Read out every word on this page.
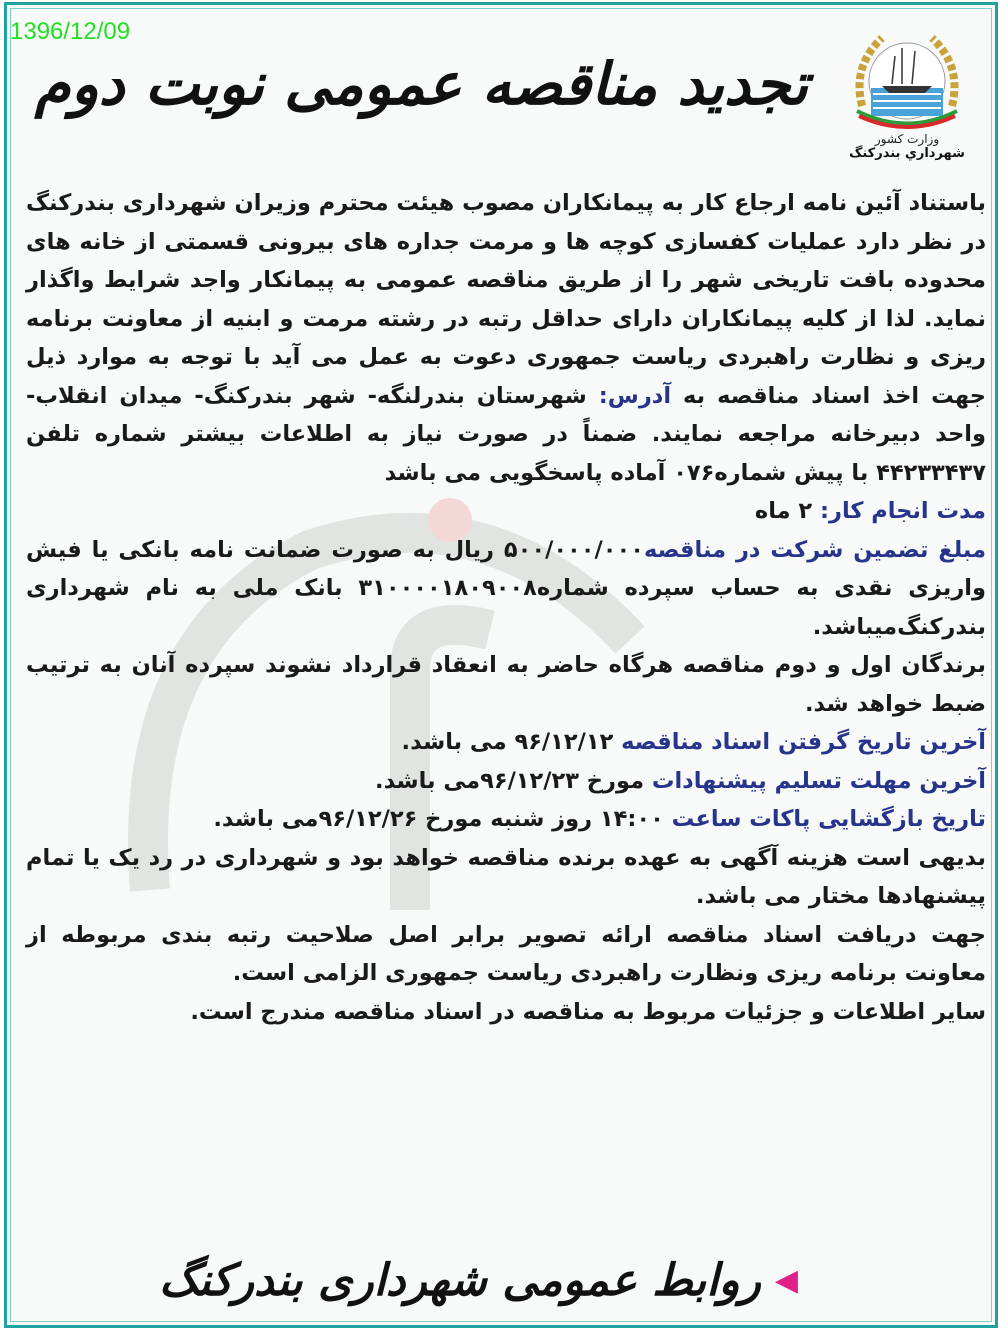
1396/12/09
وزارت کشور
شهرداري بندرکنگ
تجدید مناقصه عمومی نوبت دوم

باستناد آئین نامه ارجاع کار به پیمانکاران مصوب هیئت محترم وزیران شهرداری بندرکنگ در نظر دارد عملیات کفسازی کوچه ها و مرمت جداره های بیرونی قسمتی از خانه های محدوده بافت تاریخی شهر را از طریق مناقصه عمومی به پیمانکار واجد شرایط واگذار نماید. لذا از کلیه پیمانکاران دارای حداقل رتبه در رشته مرمت و ابنیه از معاونت برنامه ریزی و نظارت راهبردی ریاست جمهوری دعوت به عمل می آید با توجه به موارد ذیل جهت اخذ اسناد مناقصه به آدرس: شهرستان بندرلنگه- شهر بندرکنگ- میدان انقلاب- واحد دبیرخانه مراجعه نمایند. ضمناً در صورت نیاز به اطلاعات بیشتر شماره تلفن ۴۴۲۳۳۴۳۷ با پیش شماره۰۷۶ آماده پاسخگویی می باشد

مدت انجام کار: ۲ ماه

مبلغ تضمین شرکت در مناقصه۵۰۰/۰۰۰/۰۰۰ ریال به صورت ضمانت نامه بانکی یا فیش واریزی نقدی به حساب سپرده شماره۳۱۰۰۰۰۱۸۰۹۰۰۸ بانک ملی به نام شهرداری بندرکنگ‌میباشد.

برندگان اول و دوم مناقصه هرگاه حاضر به انعقاد قرارداد نشوند سپرده آنان به ترتیب ضبط خواهد شد.

آخرین تاریخ گرفتن اسناد مناقصه ۹۶/۱۲/۱۲ می باشد.

آخرین مهلت تسلیم پیشنهادات مورخ ۹۶/۱۲/۲۳می باشد.

تاریخ بازگشایی پاکات ساعت ۱۴:۰۰ روز شنبه مورخ ۹۶/۱۲/۲۶می باشد.

بدیهی است هزینه آگهی به عهده برنده مناقصه خواهد بود و شهرداری در رد یک یا تمام پیشنهادها مختار می باشد.

جهت دریافت اسناد مناقصه ارائه تصویر برابر اصل صلاحیت رتبه بندی مربوطه از معاونت برنامه ریزی ونظارت راهبردی ریاست جمهوری الزامی است.

سایر اطلاعات و جزئیات مربوط به مناقصه در اسناد مناقصه مندرج است.

◀
روابط عمومی شهرداری بندرکنگ
